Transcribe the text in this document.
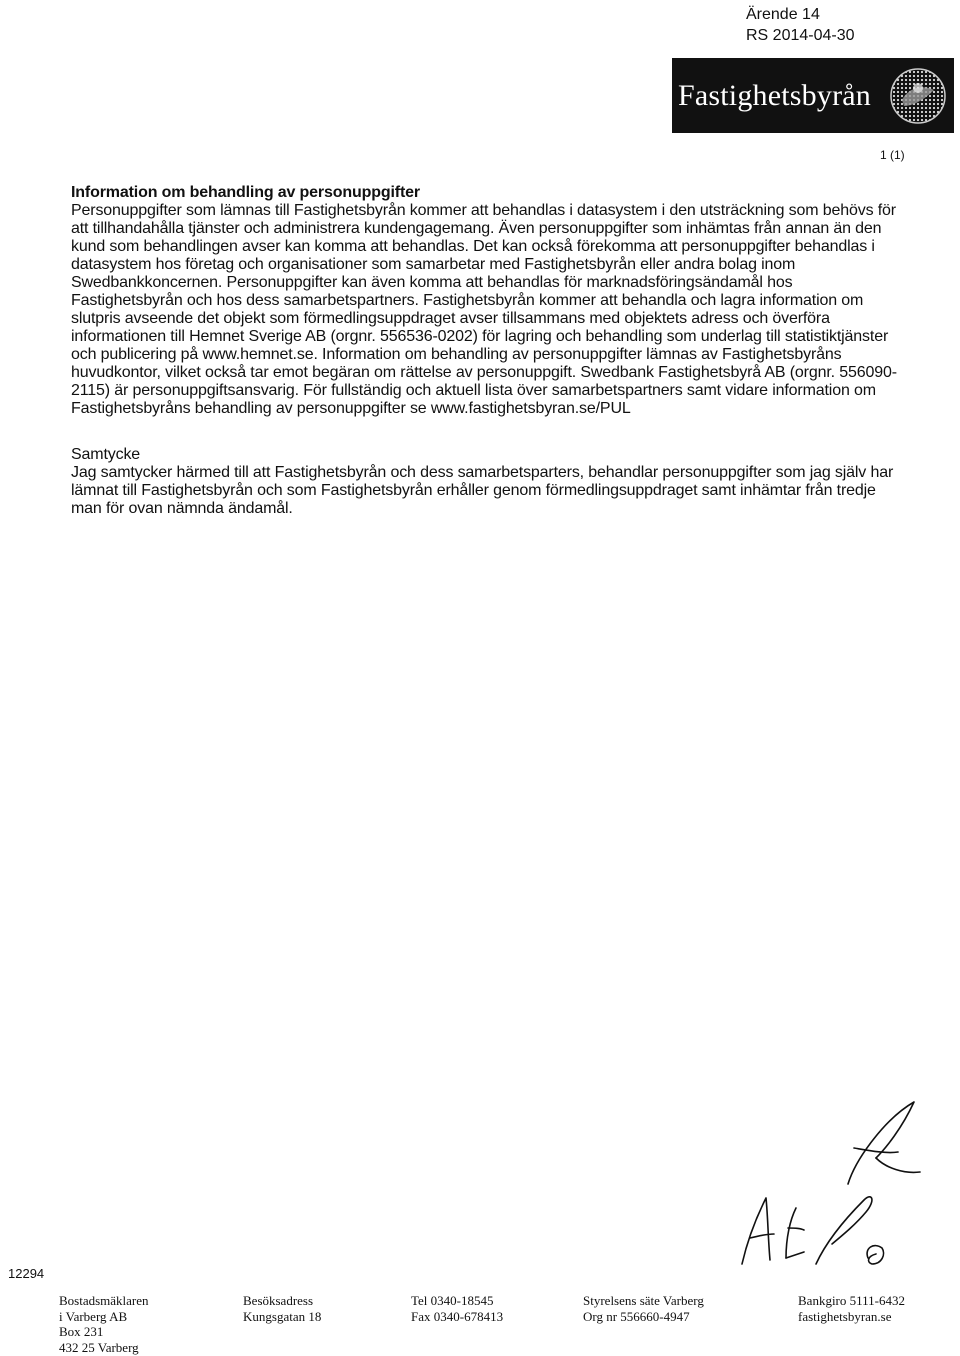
Ärende 14
RS 2014-04-30
Fastighetsbyrån
1 (1)

Information om behandling av personuppgifter

Personuppgifter som lämnas till Fastighetsbyrån kommer att behandlas i datasystem i den utsträckning som behövs för att tillhandahålla tjänster och administrera kundengagemang. Även personuppgifter som inhämtas från annan än den kund som behandlingen avser kan komma att behandlas. Det kan också förekomma att personuppgifter behandlas i datasystem hos företag och organisationer som samarbetar med Fastighetsbyrån eller andra bolag inom Swedbankkoncernen. Personuppgifter kan även komma att behandlas för marknadsföringsändamål hos Fastighetsbyrån och hos dess samarbetspartners. Fastighetsbyrån kommer att behandla och lagra information om slutpris avseende det objekt som förmedlingsuppdraget avser tillsammans med objektets adress och överföra informationen till Hemnet Sverige AB (orgnr. 556536-0202) för lagring och behandling som underlag till statistiktjänster och publicering på www.hemnet.se. Information om behandling av personuppgifter lämnas av Fastighetsbyråns huvudkontor, vilket också tar emot begäran om rättelse av personuppgift. Swedbank Fastighetsbyrå AB (orgnr. 556090-2115) är personuppgiftsansvarig. För fullständig och aktuell lista över samarbetspartners samt vidare information om Fastighetsbyråns behandling av personuppgifter se www.fastighetsbyran.se/PUL

Samtycke

Jag samtycker härmed till att Fastighetsbyrån och dess samarbetsparters, behandlar personuppgifter som jag själv har lämnat till Fastighetsbyrån och som Fastighetsbyrån erhåller genom förmedlingsuppdraget samt inhämtar från tredje man för ovan nämnda ändamål.

12294
Bostadsmäklaren
i Varberg AB
Box 231
432 25 Varberg
Besöksadress
Kungsgatan 18
Tel 0340-18545
Fax 0340-678413
Styrelsens säte Varberg
Org nr 556660-4947
Bankgiro 5111-6432
fastighetsbyran.se
